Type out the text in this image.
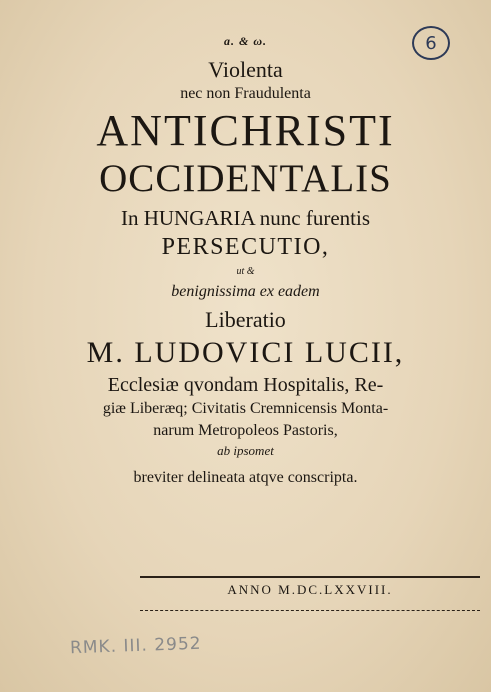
a. & ω.	6
Violenta
nec non Fraudulenta
ANTICHRISTI
OCCIDENTALIS
In HUNGARIA nunc furentis
PERSECUTIO,
ut &
benignissima ex eadem
Liberatio
M. LUDOVICI LUCII,
Ecclesiæ qvondam Hospitalis, Re-
giæ Liberæq; Civitatis Cremnicensis Monta-
narum Metropoleos Pastoris,
ab ipsomet
breviter delineata atqve conscripta.
ANNO M.DC.LXXVIII.
RMK. III. 2952
